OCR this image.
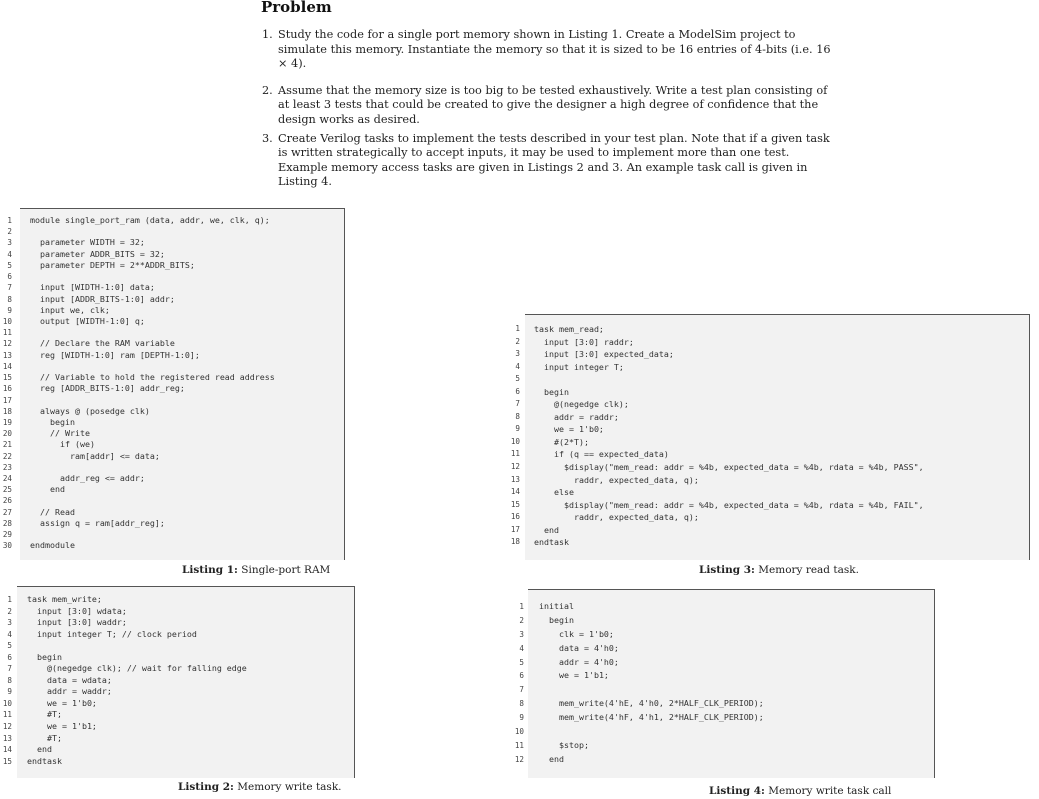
Problem
1. Study the code for a single port memory shown in Listing 1. Create a ModelSim project to simulate this memory. Instantiate the memory so that it is sized to be 16 entries of 4-bits (i.e. 16 × 4).
2. Assume that the memory size is too big to be tested exhaustively. Write a test plan consisting of at least 3 tests that could be created to give the designer a high degree of confidence that the design works as desired.
3. Create Verilog tasks to implement the tests described in your test plan. Note that if a given task is written strategically to accept inputs, it may be used to implement more than one test. Example memory access tasks are given in Listings 2 and 3. An example task call is given in Listing 4.
1 module single_port_ram (data, addr, we, clk, q);
2
3 parameter WIDTH = 32;
4 parameter ADDR_BITS = 32;
5 parameter DEPTH = 2**ADDR_BITS;
6
7 input [WIDTH-1:0] data;
8 input [ADDR_BITS-1:0] addr;
9 input we, clk;
10 output [WIDTH-1:0] q;
11
12 // Declare the RAM variable
13 reg [WIDTH-1:0] ram [DEPTH-1:0];
14
15 // Variable to hold the registered read address
16 reg [ADDR_BITS-1:0] addr_reg;
17
18 always @ (posedge clk)
19 begin
20 // Write
21 if (we)
22 ram[addr] <= data;
23
24 addr_reg <= addr;
25 end
26
27 // Read
28 assign q = ram[addr_reg];
29
30 endmodule
Listing 1: Single-port RAM
1 task mem_write;
2 input [3:0] wdata;
3 input [3:0] waddr;
4 input integer T; // clock period
5
6 begin
7 @(negedge clk); // wait for falling edge
8 data = wdata;
9 addr = waddr;
10 we = 1'b0;
11 #T;
12 we = 1'b1;
13 #T;
14 end
15 endtask
Listing 2: Memory write task.
1 task mem_read;
2 input [3:0] raddr;
3 input [3:0] expected_data;
4 input integer T;
5
6 begin
7 @(negedge clk);
8 addr = raddr;
9 we = 1'b0;
10 #(2*T);
11 if (q == expected_data)
12 $display("mem_read: addr = %4b, expected_data = %4b, rdata = %4b, PASS",
13 raddr, expected_data, q);
14 else
15 $display("mem_read: addr = %4b, expected_data = %4b, rdata = %4b, FAIL",
16 raddr, expected_data, q);
17 end
18 endtask
Listing 3: Memory read task.
1 initial
2 begin
3 clk = 1'b0;
4 data = 4'h0;
5 addr = 4'h0;
6 we = 1'b1;
7
8 mem_write(4'hE, 4'h0, 2*HALF_CLK_PERIOD);
9 mem_write(4'hF, 4'h1, 2*HALF_CLK_PERIOD);
10
11 $stop;
12 end
Listing 4: Memory write task call
